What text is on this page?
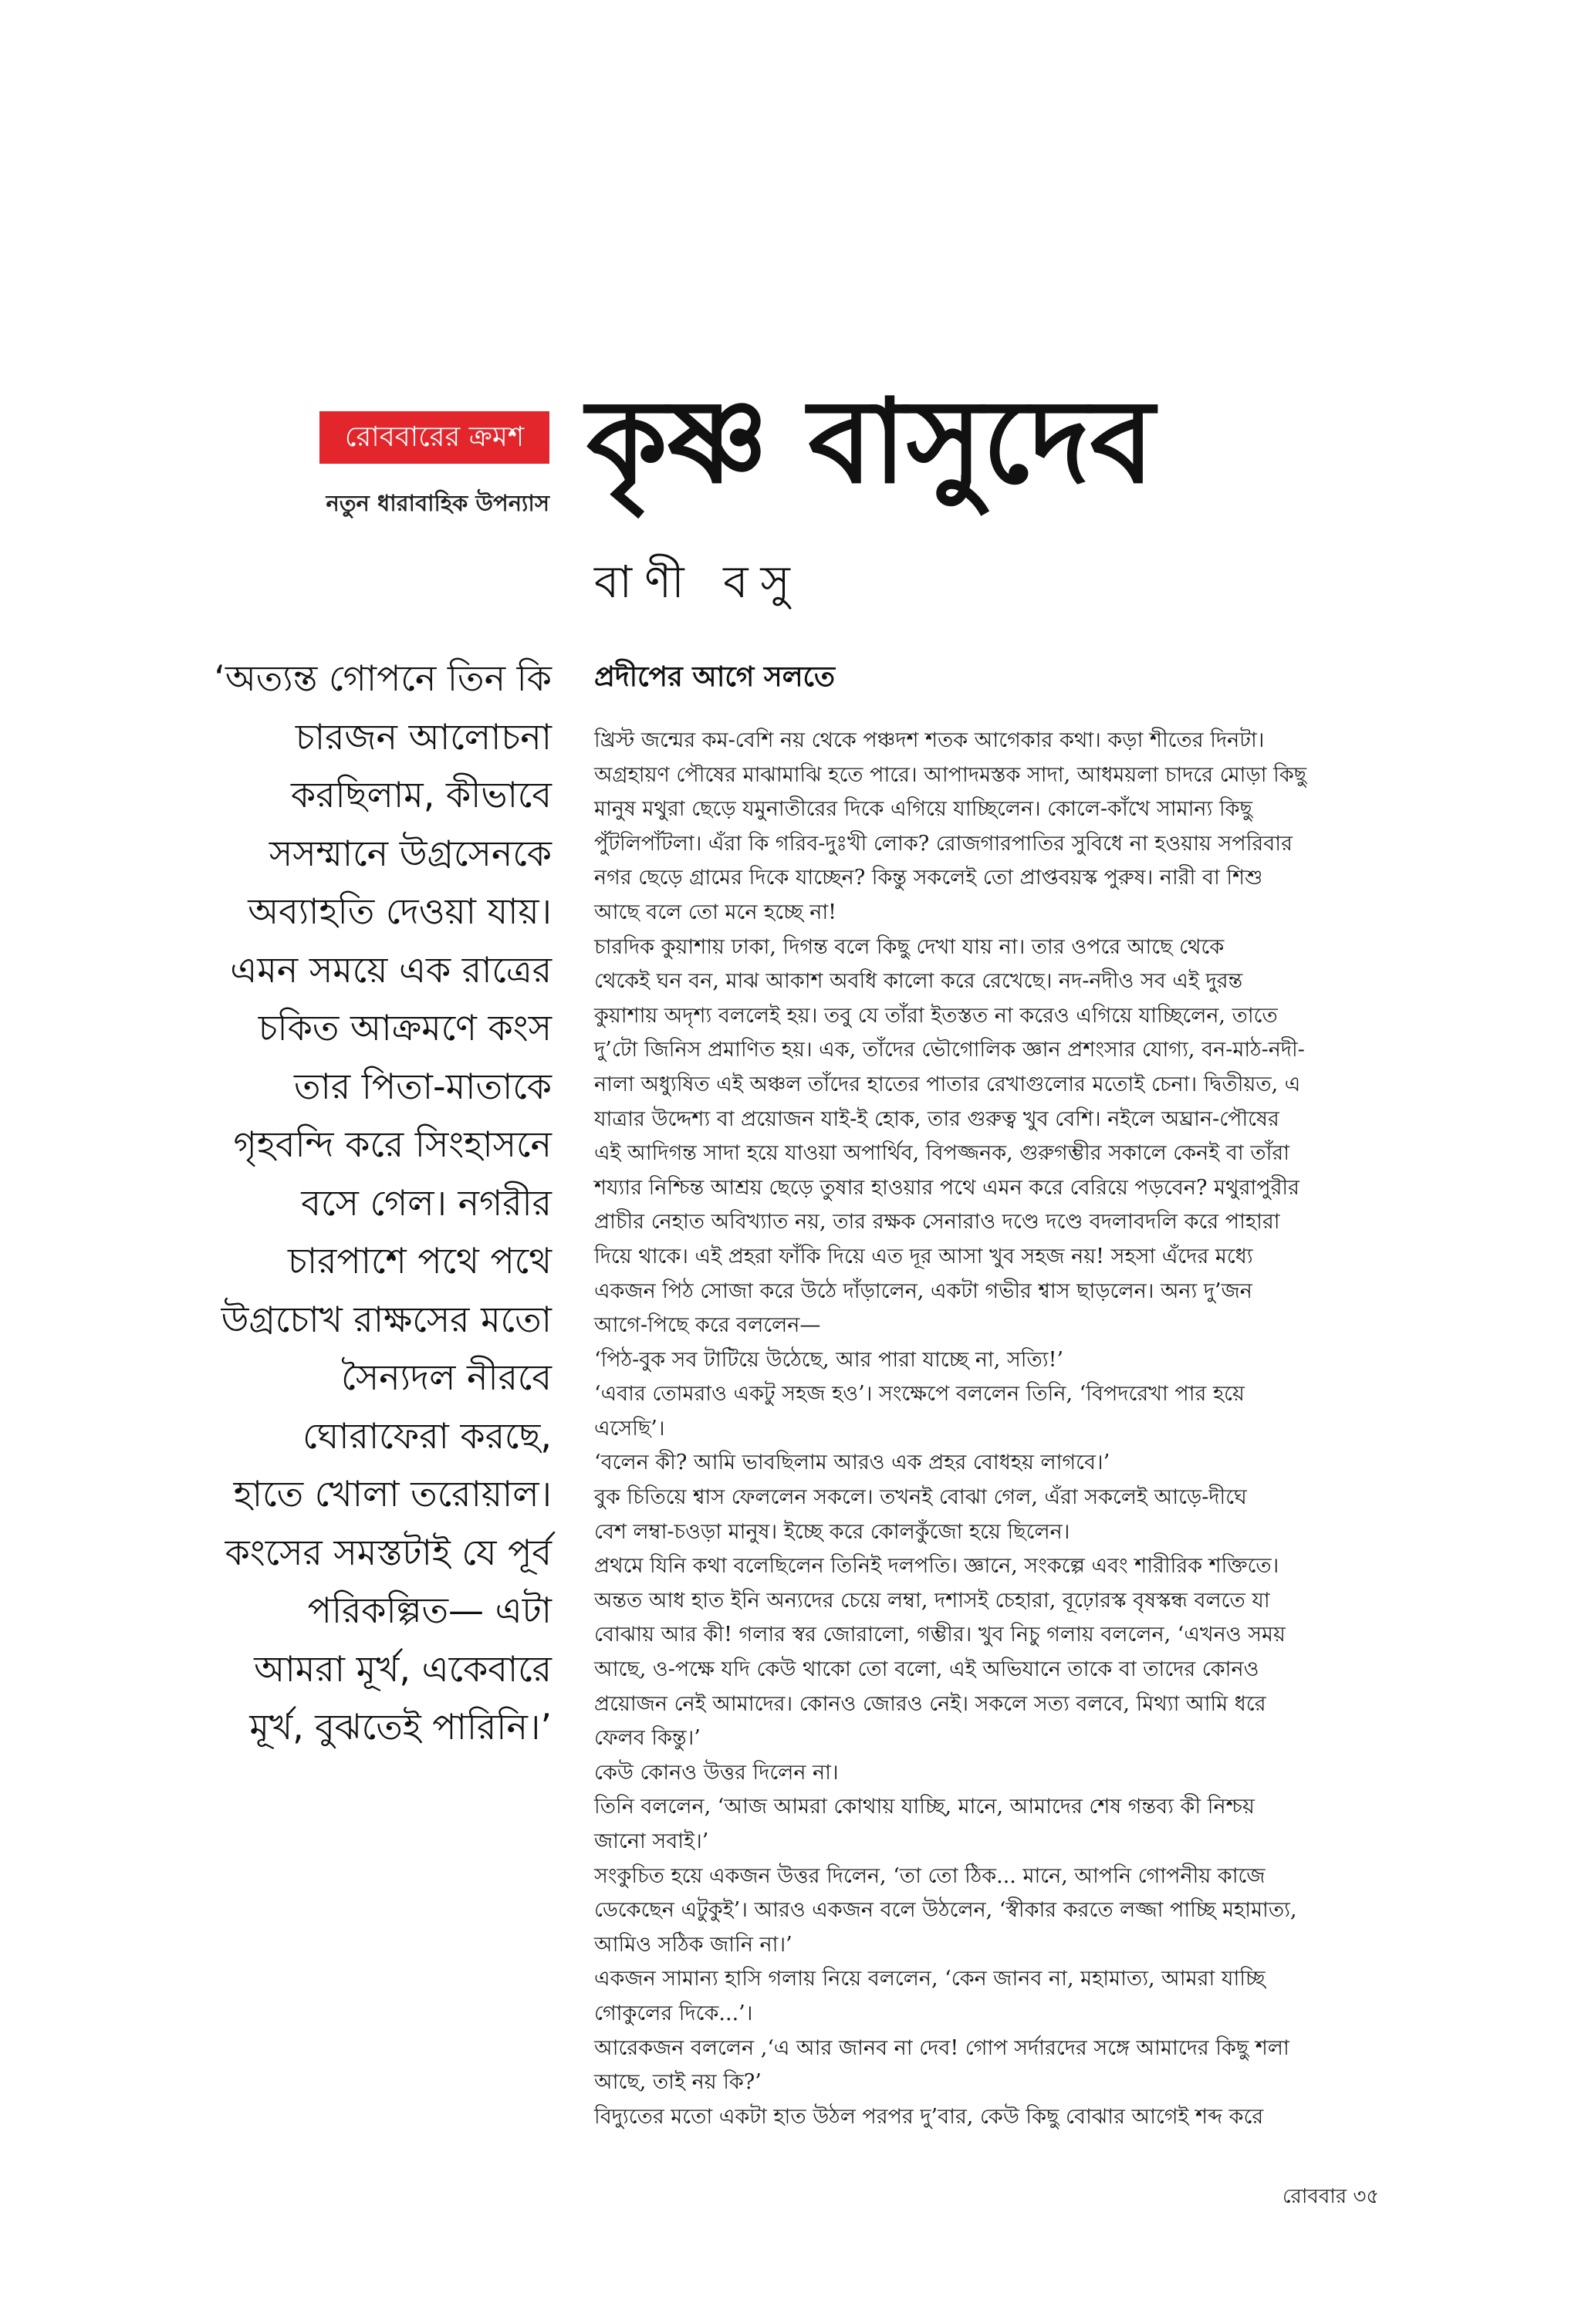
রোববারের ক্রমশ
নতুন ধারাবাহিক উপন্যাস কৃষ্ণ বাসুদেব
বাণী বসু
‘অত্যন্ত গোপনে তিন কি
চারজন আলোচনা
করছিলাম, কীভাবে
সসম্মানে উগ্রসেনকে
অব্যাহতি দেওয়া যায়।
এমন সময়ে এক রাত্রের
চকিত আক্রমণে কংস
তার পিতা-মাতাকে
গৃহবন্দি করে সিংহাসনে
বসে গেল। নগরীর
চারপাশে পথে পথে
উগ্রচোখ রাক্ষসের মতো
সৈন্যদল নীরবে
ঘোরাফেরা করছে,
হাতে খোলা তরোয়াল।
কংসের সমস্তটাই যে পূর্ব
পরিকল্পিত— এটা
আমরা মূর্খ, একেবারে
মূর্খ, বুঝতেই পারিনি।’
প্রদীপের আগে সলতে
খ্রিস্ট জন্মের কম-বেশি নয় থেকে পঞ্চদশ শতক আগেকার কথা। কড়া শীতের দিনটা।
অগ্রহায়ণ পৌষের মাঝামাঝি হতে পারে। আপাদমস্তক সাদা, আধময়লা চাদরে মোড়া কিছু
মানুষ মথুরা ছেড়ে যমুনাতীরের দিকে এগিয়ে যাচ্ছিলেন। কোলে-কাঁখে সামান্য কিছু
পুঁটলিপাঁটলা। এঁরা কি গরিব-দুঃখী লোক? রোজগারপাতির সুবিধে না হওয়ায় সপরিবার
নগর ছেড়ে গ্রামের দিকে যাচ্ছেন? কিন্তু সকলেই তো প্রাপ্তবয়স্ক পুরুষ। নারী বা শিশু
আছে বলে তো মনে হচ্ছে না!
চারদিক কুয়াশায় ঢাকা, দিগন্ত বলে কিছু দেখা যায় না। তার ওপরে আছে থেকে
থেকেই ঘন বন, মাঝ আকাশ অবধি কালো করে রেখেছে। নদ-নদীও সব এই দুরন্ত
কুয়াশায় অদৃশ্য বললেই হয়। তবু যে তাঁরা ইতস্তত না করেও এগিয়ে যাচ্ছিলেন, তাতে
দু’টো জিনিস প্রমাণিত হয়। এক, তাঁদের ভৌগোলিক জ্ঞান প্রশংসার যোগ্য, বন-মাঠ-নদী-
নালা অধ্যুষিত এই অঞ্চল তাঁদের হাতের পাতার রেখাগুলোর মতোই চেনা। দ্বিতীয়ত, এ
যাত্রার উদ্দেশ্য বা প্রয়োজন যাই-ই হোক, তার গুরুত্ব খুব বেশি। নইলে অঘ্রান-পৌষের
এই আদিগন্ত সাদা হয়ে যাওয়া অপার্থিব, বিপজ্জনক, গুরুগম্ভীর সকালে কেনই বা তাঁরা
শয্যার নিশ্চিন্ত আশ্রয় ছেড়ে তুষার হাওয়ার পথে এমন করে বেরিয়ে পড়বেন? মথুরাপুরীর
প্রাচীর নেহাত অবিখ্যাত নয়, তার রক্ষক সেনারাও দণ্ডে দণ্ডে বদলাবদলি করে পাহারা
দিয়ে থাকে। এই প্রহরা ফাঁকি দিয়ে এত দূর আসা খুব সহজ নয়! সহসা এঁদের মধ্যে
একজন পিঠ সোজা করে উঠে দাঁড়ালেন, একটা গভীর শ্বাস ছাড়লেন। অন্য দু’জন
আগে-পিছে করে বললেন—
‘পিঠ-বুক সব টাটিয়ে উঠেছে, আর পারা যাচ্ছে না, সত্যি!’
‘এবার তোমরাও একটু সহজ হও’। সংক্ষেপে বললেন তিনি, ‘বিপদরেখা পার হয়ে
এসেছি’।
‘বলেন কী? আমি ভাবছিলাম আরও এক প্রহর বোধহয় লাগবে।’
বুক চিতিয়ে শ্বাস ফেললেন সকলে। তখনই বোঝা গেল, এঁরা সকলেই আড়ে-দীঘে
বেশ লম্বা-চওড়া মানুষ। ইচ্ছে করে কোলকুঁজো হয়ে ছিলেন।
প্রথমে যিনি কথা বলেছিলেন তিনিই দলপতি। জ্ঞানে, সংকল্পে এবং শারীরিক শক্তিতে।
অন্তত আধ হাত ইনি অন্যদের চেয়ে লম্বা, দশাসই চেহারা, বূঢ়োরস্ক বৃষস্কন্ধ বলতে যা
বোঝায় আর কী! গলার স্বর জোরালো, গম্ভীর। খুব নিচু গলায় বললেন, ‘এখনও সময়
আছে, ও-পক্ষে যদি কেউ থাকো তো বলো, এই অভিযানে তাকে বা তাদের কোনও
প্রয়োজন নেই আমাদের। কোনও জোরও নেই। সকলে সত্য বলবে, মিথ্যা আমি ধরে
ফেলব কিন্তু।’
কেউ কোনও উত্তর দিলেন না।
তিনি বললেন, ‘আজ আমরা কোথায় যাচ্ছি, মানে, আমাদের শেষ গন্তব্য কী নিশ্চয়
জানো সবাই।’
সংকুচিত হয়ে একজন উত্তর দিলেন, ‘তা তো ঠিক... মানে, আপনি গোপনীয় কাজে
ডেকেছেন এটুকুই’। আরও একজন বলে উঠলেন, ‘স্বীকার করতে লজ্জা পাচ্ছি মহামাত্য,
আমিও সঠিক জানি না।’
একজন সামান্য হাসি গলায় নিয়ে বললেন, ‘কেন জানব না, মহামাত্য, আমরা যাচ্ছি
গোকুলের দিকে...’।
আরেকজন বললেন ,‘এ আর জানব না দেব! গোপ সর্দারদের সঙ্গে আমাদের কিছু শলা
আছে, তাই নয় কি?’
বিদ্যুতের মতো একটা হাত উঠল পরপর দু’বার, কেউ কিছু বোঝার আগেই শব্দ করে
রোববার ৩৫
